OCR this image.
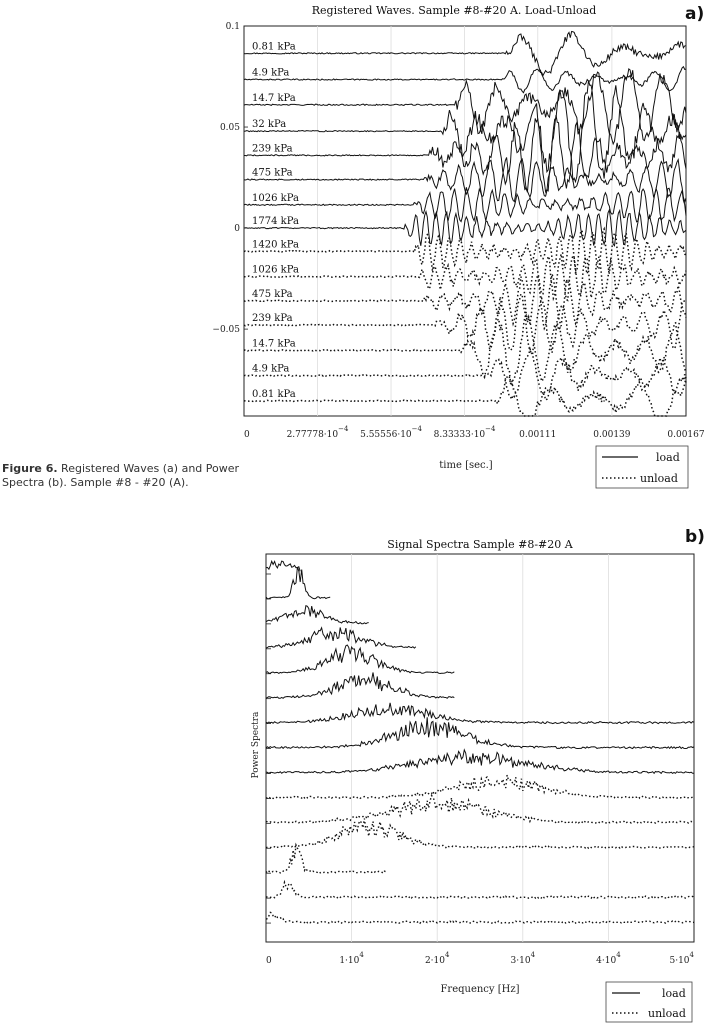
Registered Waves. Sample #8-#20 A. Load-Unload
0.81 kPa
4.9 kPa
14.7 kPa
32 kPa
239 kPa
475 kPa
1026 kPa
1774 kPa
1420 kPa
1026 kPa
475 kPa
239 kPa
14.7 kPa
4.9 kPa
0.81 kPa
0	$2.77778\cdot 10^{-4}$
$5.55556\cdot 10^{-4}$
$8.33333\cdot 10^{-4}$
0.00111	0.00139	0.00167
0.1
0.05
0
−0.05
time [sec.]
load
unload
Signal Spectra Sample #8-#20 A
0	$1\cdot 10^4$
$2\cdot 10^4$
$3\cdot 10^4$
$4\cdot 10^4$
$5\cdot 10^4$
Power Spectra
Frequency [Hz]	load
unload
a)
b)
Figure 6. Registered Waves (a) and Power Spectra (b). Sample #8 - #20 (A).
